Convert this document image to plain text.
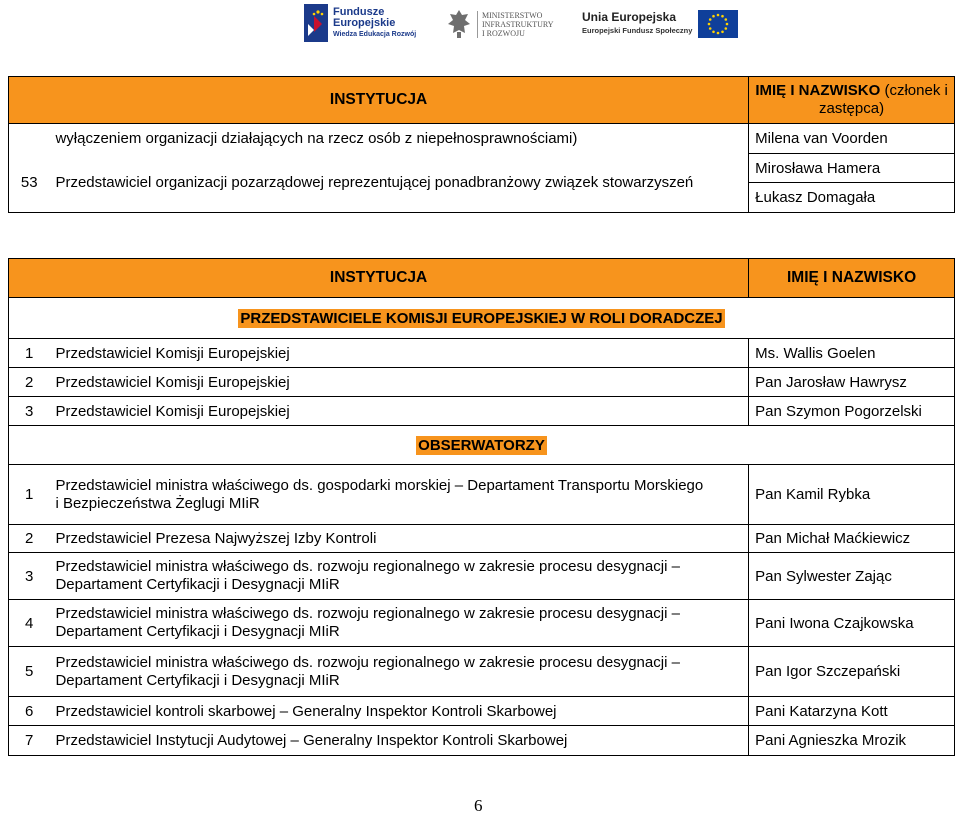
Fundusze
Europejskie
Wiedza Edukacja Rozwój
MINISTERSTWO
INFRASTRUKTURY
I ROZWOJU
Unia Europejska
Europejski Fundusz Społeczny
INSTYTUCJA		IMIĘ I NAZWISKO (członek i zastępca)
	wyłączeniem organizacji działających na rzecz osób z niepełnosprawnościami)	Milena van Voorden
53	Przedstawiciel organizacji pozarządowej reprezentującej ponadbranżowy związek stowarzyszeń	Mirosława Hamera
		Łukasz Domagała
INSTYTUCJA		IMIĘ I NAZWISKO
PRZEDSTAWICIELE KOMISJI EUROPEJSKIEJ W ROLI DORADCZEJ		
1	Przedstawiciel Komisji Europejskiej	Ms. Wallis Goelen
2	Przedstawiciel Komisji Europejskiej	Pan Jarosław Hawrysz
3	Przedstawiciel Komisji Europejskiej	Pan Szymon Pogorzelski
OBSERWATORZY		
1	Przedstawiciel ministra właściwego ds. gospodarki morskiej – Departament Transportu Morskiego
i Bezpieczeństwa Żeglugi MIiR	Pan Kamil Rybka
2	Przedstawiciel Prezesa Najwyższej Izby Kontroli	Pan Michał Maćkiewicz
3	Przedstawiciel ministra właściwego ds. rozwoju regionalnego w zakresie procesu desygnacji –
Departament Certyfikacji i Desygnacji MIiR	Pan Sylwester Zając
4	Przedstawiciel ministra właściwego ds. rozwoju regionalnego w zakresie procesu desygnacji –
Departament Certyfikacji i Desygnacji MIiR	Pani Iwona Czajkowska
5	Przedstawiciel ministra właściwego ds. rozwoju regionalnego w zakresie procesu desygnacji –
Departament Certyfikacji i Desygnacji MIiR	Pan Igor Szczepański
6	Przedstawiciel kontroli skarbowej – Generalny Inspektor Kontroli Skarbowej	Pani Katarzyna Kott
7	Przedstawiciel Instytucji Audytowej – Generalny Inspektor Kontroli Skarbowej	Pani Agnieszka Mrozik
6
